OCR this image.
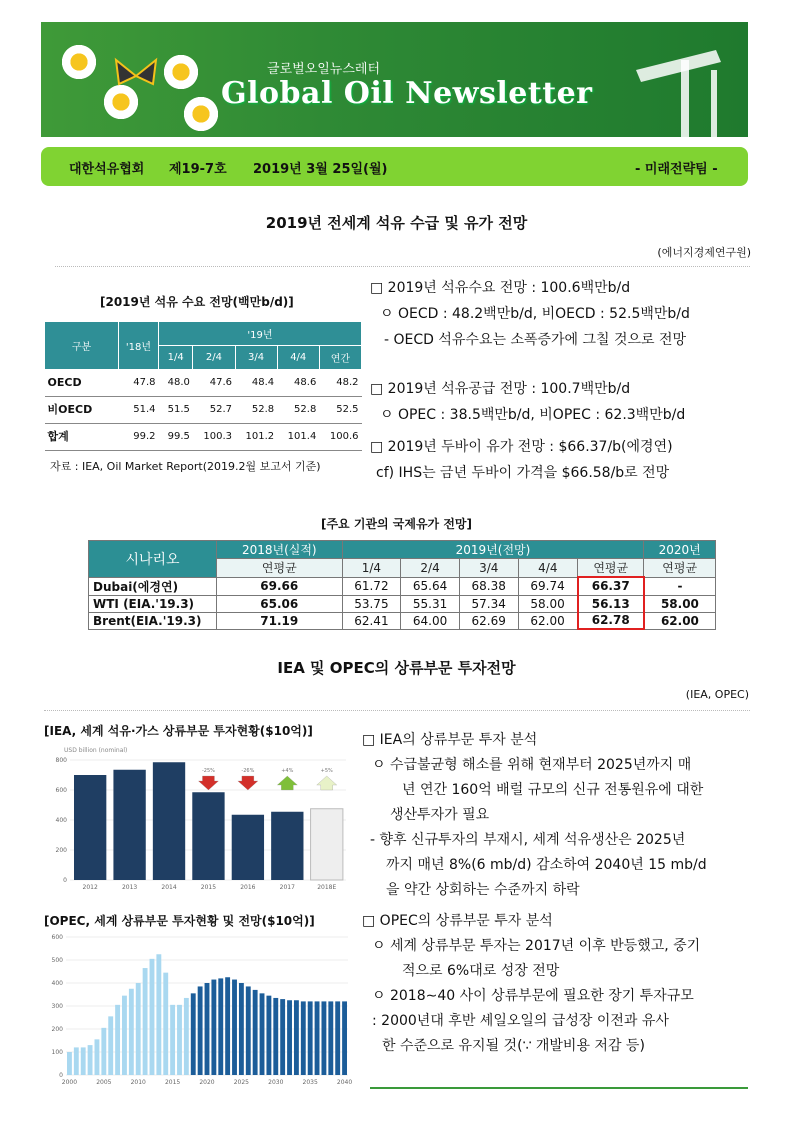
글로벌오일뉴스레터
Global Oil Newsletter
대한석유협회 제19-7호 2019년 3월 25일(월)	- 미래전략팀 -
2019년 전세계 석유 수급 및 유가 전망
(에너지경제연구원)
[2019년 석유 수요 전망(백만b/d)]
구분	'18년	'19년				
		1/4	2/4	3/4	4/4	연간
OECD	47.8	48.0	47.6	48.4	48.6	48.2
비OECD	51.4	51.5	52.7	52.8	52.8	52.5
합계	99.2	99.5	100.3	101.2	101.4	100.6
자료 : IEA, Oil Market Report(2019.2월 보고서 기준)
□ 2019년 석유수요 전망 : 100.6백만b/d
ㅇ OECD : 48.2백만b/d, 비OECD : 52.5백만b/d
- OECD 석유수요는 소폭증가에 그칠 것으로 전망
□ 2019년 석유공급 전망 : 100.7백만b/d
ㅇ OPEC : 38.5백만b/d, 비OPEC : 62.3백만b/d
□ 2019년 두바이 유가 전망 : $66.37/b(에경연)
cf) IHS는 금년 두바이 가격을 $66.58/b로 전망
[주요 기관의 국제유가 전망]
시나리오	2018년(실적)	2019년(전망)					2020년
	연평균	1/4	2/4	3/4	4/4	연평균	연평균
Dubai(에경연)	69.66	61.72	65.64	68.38	69.74	66.37	-
WTI (EIA.'19.3)	65.06	53.75	55.31	57.34	58.00	56.13	58.00
Brent(EIA.'19.3)	71.19	62.41	64.00	62.69	62.00	62.78	62.00
IEA 및 OPEC의 상류부문 투자전망
(IEA, OPEC)
[IEA, 세계 석유·가스 상류부문 투자현황($10억)]
USD billion (nominal)
0
200
400
600
800
2012	2013	2014	2015	2016	2017	2018E
-25%	-26%	+4%	+5%
[OPEC, 세계 상류부문 투자현황 및 전망($10억)]
0
100
200
300
400
500
600
2000	2005	2010	2015	2020	2025	2030	2035	2040
□ IEA의 상류부문 투자 분석
ㅇ 수급불균형 해소를 위해 현재부터 2025년까지 매
년 연간 160억 배럴 규모의 신규 전통원유에 대한
생산투자가 필요
- 향후 신규투자의 부재시, 세계 석유생산은 2025년
까지 매년 8%(6 mb/d) 감소하여 2040년 15 mb/d
을 약간 상회하는 수준까지 하락
□ OPEC의 상류부문 투자 분석
ㅇ 세계 상류부문 투자는 2017년 이후 반등했고, 중기
적으로 6%대로 성장 전망
ㅇ 2018∼40 사이 상류부문에 필요한 장기 투자규모
: 2000년대 후반 셰일오일의 급성장 이전과 유사
한 수준으로 유지될 것(∵ 개발비용 저감 등)
